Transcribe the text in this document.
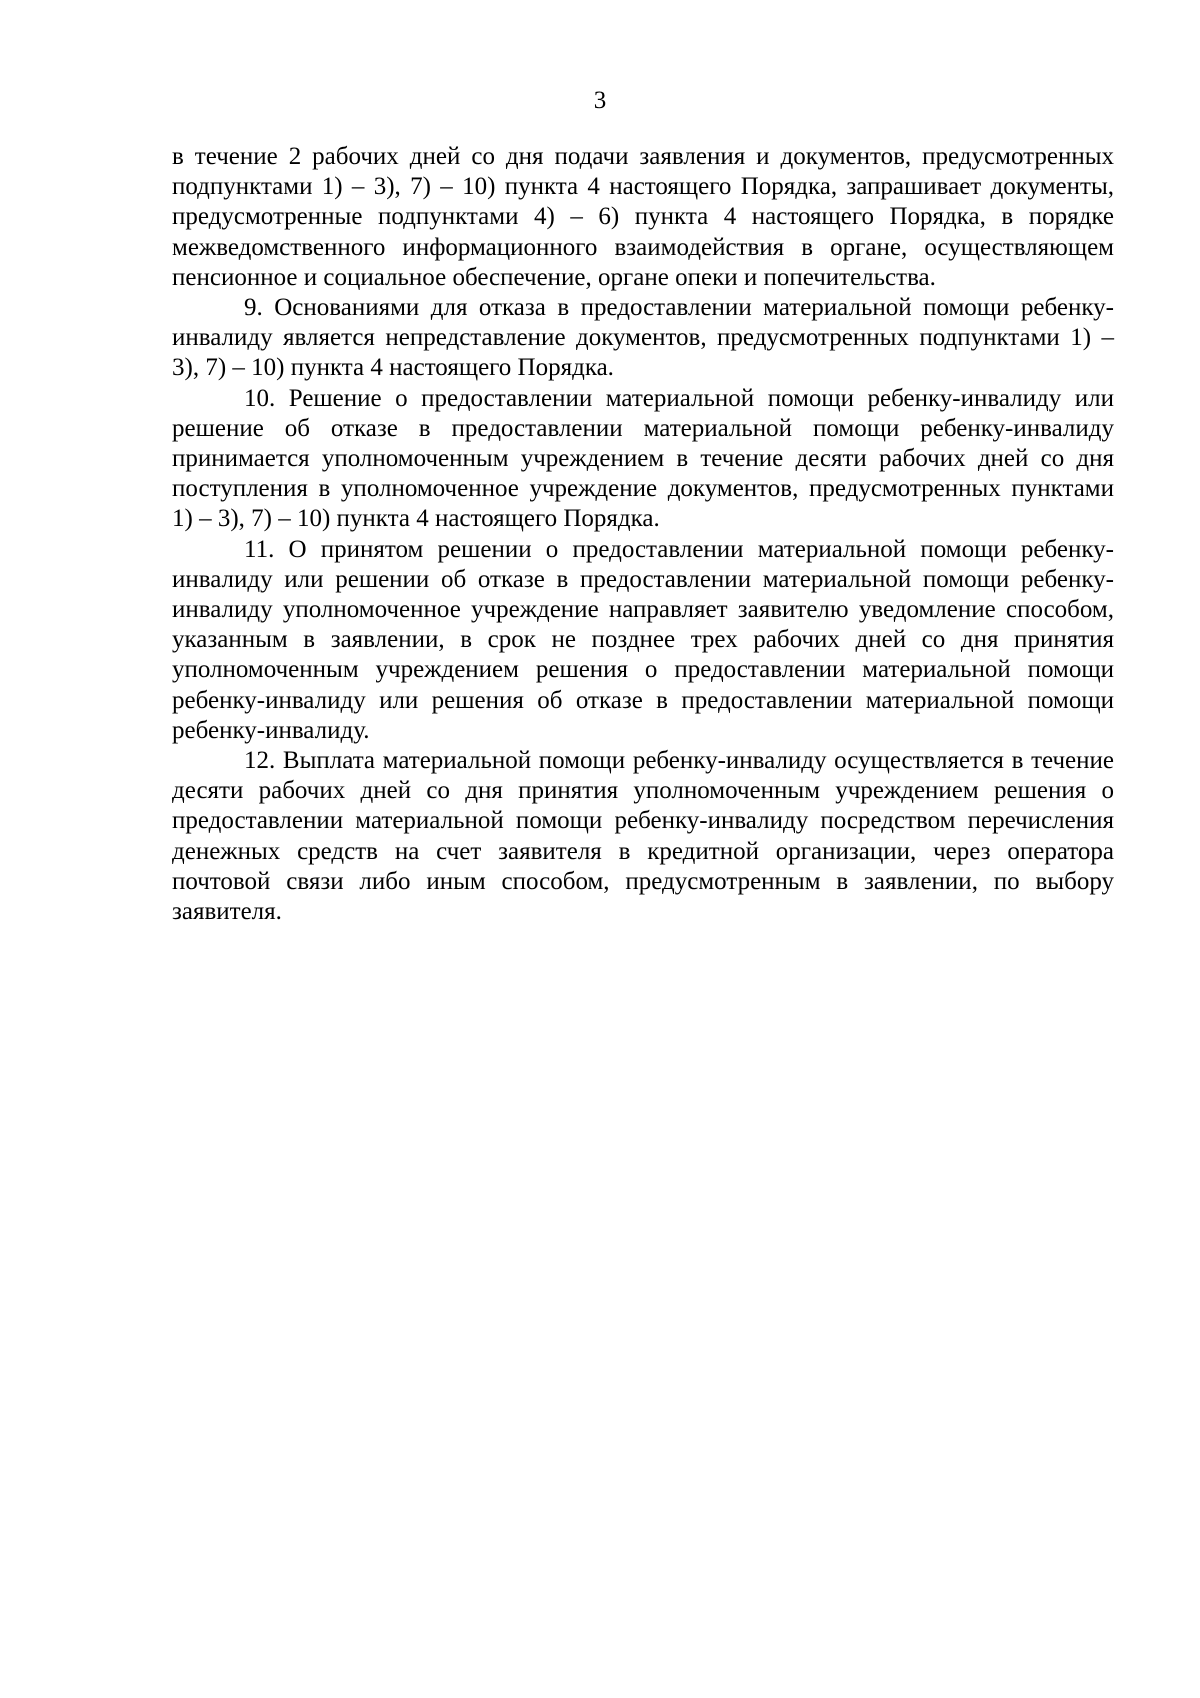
3

в течение 2 рабочих дней со дня подачи заявления и документов, предусмотренных подпунктами 1) – 3), 7) – 10) пункта 4 настоящего Порядка, запрашивает документы, предусмотренные подпунктами 4) – 6) пункта 4 настоящего Порядка, в порядке межведомственного информационного взаимодействия в органе, осуществляющем пенсионное и социальное обеспечение, органе опеки и попечительства.

9. Основаниями для отказа в предоставлении материальной помощи ребенку-инвалиду является непредставление документов, предусмотренных подпунктами 1) – 3), 7) – 10) пункта 4 настоящего Порядка.

10. Решение о предоставлении материальной помощи ребенку-инвалиду или решение об отказе в предоставлении материальной помощи ребенку-инвалиду принимается уполномоченным учреждением в течение десяти рабочих дней со дня поступления в уполномоченное учреждение документов, предусмотренных пунктами 1) – 3), 7) – 10) пункта 4 настоящего Порядка.

11. О принятом решении о предоставлении материальной помощи ребенку-инвалиду или решении об отказе в предоставлении материальной помощи ребенку-инвалиду уполномоченное учреждение направляет заявителю уведомление способом, указанным в заявлении, в срок не позднее трех рабочих дней со дня принятия уполномоченным учреждением решения о предоставлении материальной помощи ребенку-инвалиду или решения об отказе в предоставлении материальной помощи ребенку-инвалиду.

12. Выплата материальной помощи ребенку-инвалиду осуществляется в течение десяти рабочих дней со дня принятия уполномоченным учреждением решения о предоставлении материальной помощи ребенку-инвалиду посредством перечисления денежных средств на счет заявителя в кредитной организации, через оператора почтовой связи либо иным способом, предусмотренным в заявлении, по выбору заявителя.
